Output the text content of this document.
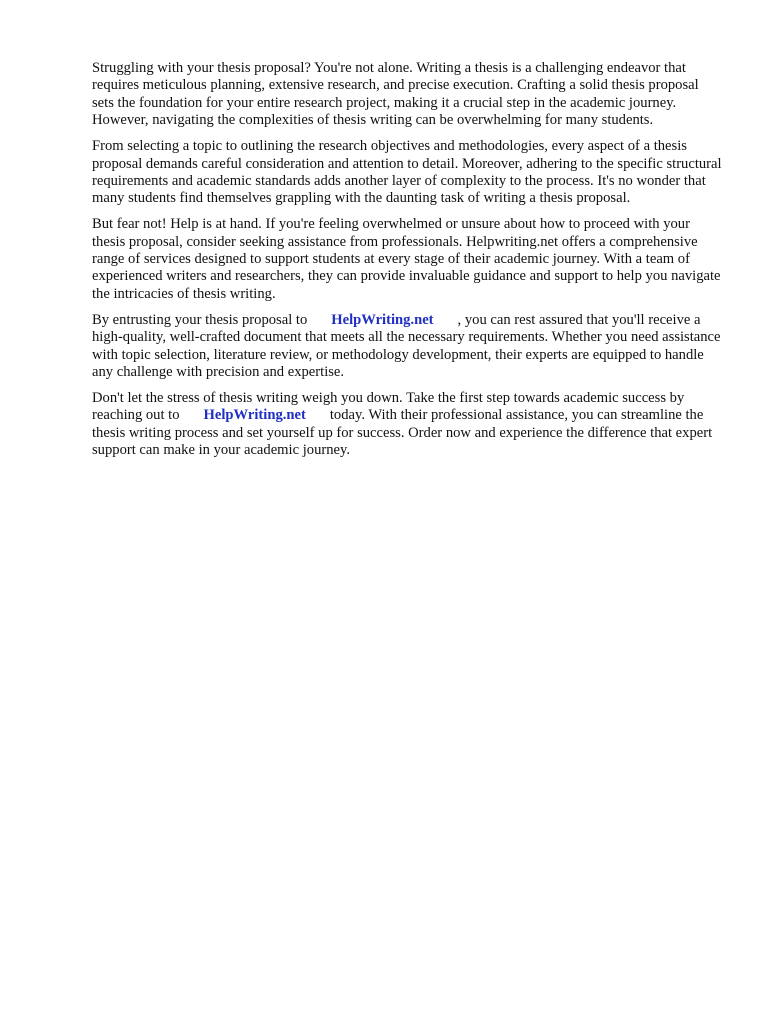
Struggling with your thesis proposal? You're not alone. Writing a thesis is a challenging endeavor that requires meticulous planning, extensive research, and precise execution. Crafting a solid thesis proposal sets the foundation for your entire research project, making it a crucial step in the academic journey. However, navigating the complexities of thesis writing can be overwhelming for many students.

From selecting a topic to outlining the research objectives and methodologies, every aspect of a thesis proposal demands careful consideration and attention to detail. Moreover, adhering to the specific structural requirements and academic standards adds another layer of complexity to the process. It's no wonder that many students find themselves grappling with the daunting task of writing a thesis proposal.

But fear not! Help is at hand. If you're feeling overwhelmed or unsure about how to proceed with your thesis proposal, consider seeking assistance from professionals. Helpwriting.net offers a comprehensive range of services designed to support students at every stage of their academic journey. With a team of experienced writers and researchers, they can provide invaluable guidance and support to help you navigate the intricacies of thesis writing.

By entrusting your thesis proposal to HelpWriting.net , you can rest assured that you'll receive a high-quality, well-crafted document that meets all the necessary requirements. Whether you need assistance with topic selection, literature review, or methodology development, their experts are equipped to handle any challenge with precision and expertise.

Don't let the stress of thesis writing weigh you down. Take the first step towards academic success by reaching out to HelpWriting.net today. With their professional assistance, you can streamline the thesis writing process and set yourself up for success. Order now and experience the difference that expert support can make in your academic journey.
